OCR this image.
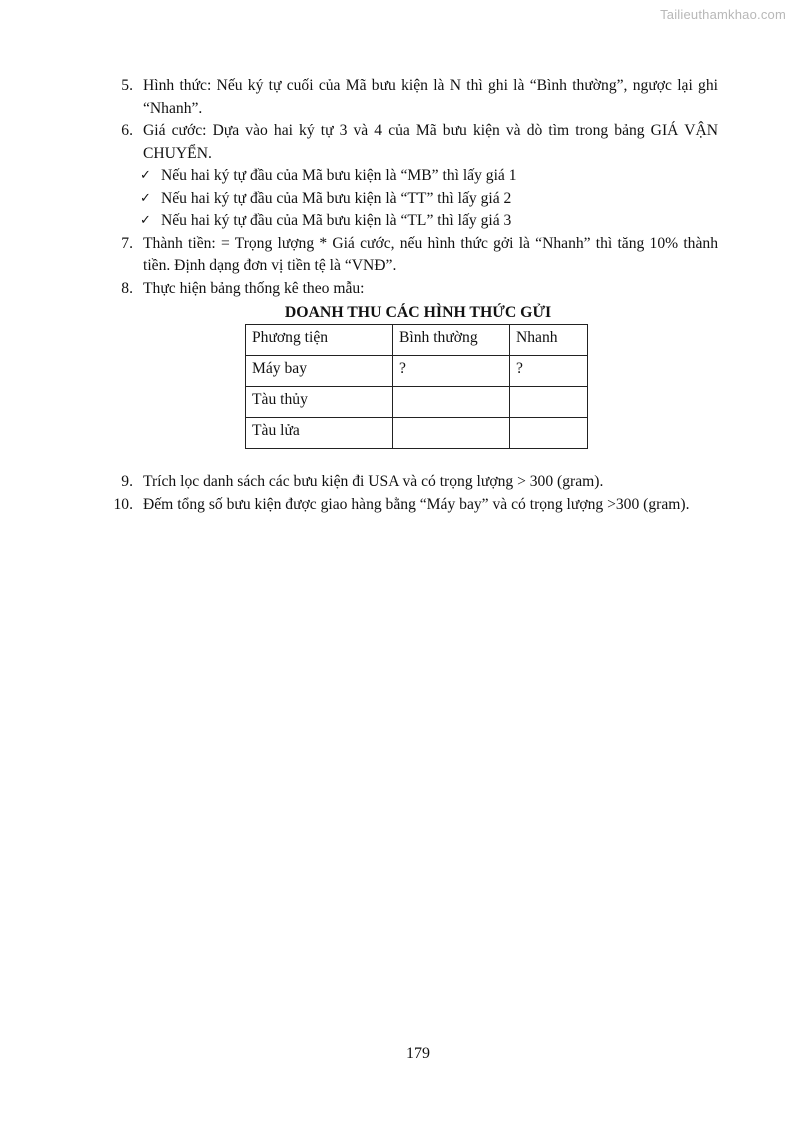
Tailieuthamkhao.com
5. Hình thức: Nếu ký tự cuối của Mã bưu kiện là N thì ghi là “Bình thường”, ngược lại ghi “Nhanh”.
6. Giá cước: Dựa vào hai ký tự 3 và 4 của Mã bưu kiện và dò tìm trong bảng GIÁ VẬN CHUYỂN.
✓ Nếu hai ký tự đầu của Mã bưu kiện là “MB” thì lấy giá 1
✓ Nếu hai ký tự đầu của Mã bưu kiện là “TT” thì lấy giá 2
✓ Nếu hai ký tự đầu của Mã bưu kiện là “TL” thì lấy giá 3
7. Thành tiền: = Trọng lượng * Giá cước, nếu hình thức gởi là “Nhanh” thì tăng 10% thành tiền. Định dạng đơn vị tiền tệ là “VNĐ”.
8. Thực hiện bảng thống kê theo mẫu:
DOANH THU CÁC HÌNH THỨC GỬI
Phương tiện	Bình thường	Nhanh
Máy bay	?	?
Tàu thủy		
Tàu lửa		
9. Trích lọc danh sách các bưu kiện đi USA và có trọng lượng > 300 (gram).
10. Đếm tổng số bưu kiện được giao hàng bằng “Máy bay” và có trọng lượng >300 (gram).
179
